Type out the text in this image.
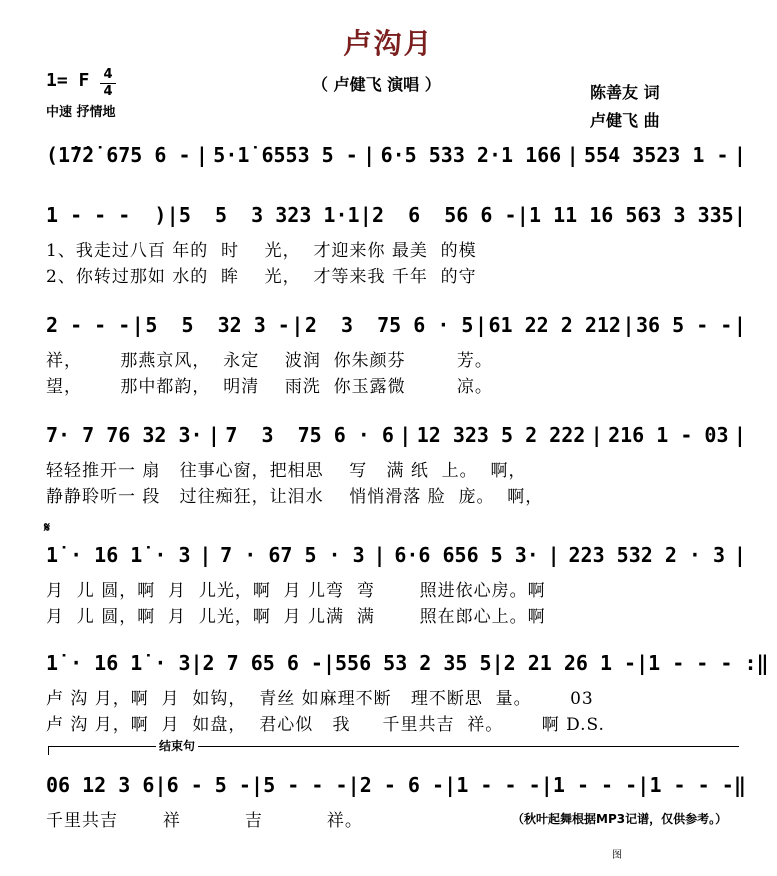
卢沟月
（ 卢健飞 演唱 ）
1= F 4
4
中速 抒情地
陈善友 词
卢健飞 曲
(1̇7̇2̇ 675 6 - | 5·1̇ 6553 5 - | 6·5 533 2·1 166 | 554 3523 1 - |
1 - - -  ) | 5  5  3 323 1·1 | 2  6  56 6 - | 1 11 16 563 3 335 |
1、我走过八百 年的  时    光，  才迎来你 最美  的模
2、你转过那如 水的  眸    光，  才等来我 千年  的守
2 - - - | 5  5  32 3 - | 2  3  75 6 · 5 | 61 22 2 212 | 36 5 - - |
祥，      那燕京风，  永定    波润  你朱颜芬        芳。
望，      那中都韵，  明清    雨洗  你玉露微        凉。
7· 7 76 32 3· | 7  3  75 6 · 6 | 12 323 5 2 222 | 216 1 - 03 |
轻轻推开一 扇   往事心窗，把相思    写   满 纸  上。  啊，
静静聆听一 段   过往痴狂，让泪水    悄悄滑落 脸  庞。  啊，
𝄋
1̇ · 16 1̇ · 3 | 7 · 67 5 · 3 | 6·6 656 5 3· | 223 532 2 · 3 |
月  儿 圆，啊  月  儿光，啊  月 儿弯  弯       照进依心房。啊
月  儿 圆，啊  月  儿光，啊  月 儿满  满       照在郎心上。啊
1̇ · 16 1̇ · 3 | 2 7 65 6 - | 556 53 2 35 5 | 2 21 26 1 - | 1 - - - :‖
卢 沟 月，啊  月  如钩，  青丝 如麻理不断   理不断思  量。      03
卢 沟 月，啊  月  如盘，  君心似   我     千里共吉  祥。      啊 D.S.
结束句
06 12 3 6 | 6 - 5 - | 5 - - - | 2 - 6 - | 1 - - - | 1 - - - | 1 - - - ‖
千里共吉       祥          吉          祥。	（秋叶起舞根据MP3记谱，仅供参考。）
图
